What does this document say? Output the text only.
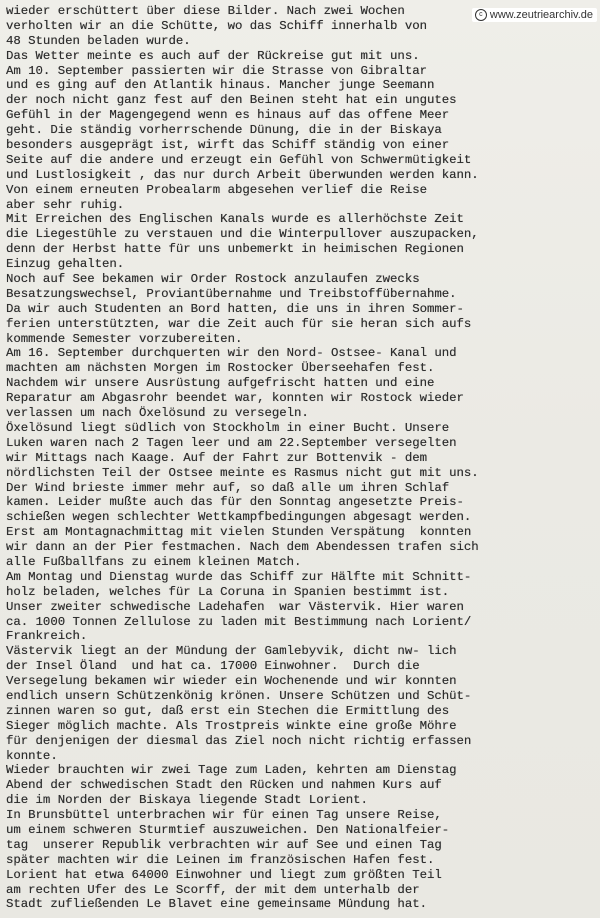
wieder erschüttert über diese Bilder. Nach zwei Wochen
verholten wir an die Schütte, wo das Schiff innerhalb von
48 Stunden beladen wurde.
Das Wetter meinte es auch auf der Rückreise gut mit uns.
Am 10. September passierten wir die Strasse von Gibraltar
und es ging auf den Atlantik hinaus. Mancher junge Seemann
der noch nicht ganz fest auf den Beinen steht hat ein ungutes
Gefühl in der Magengegend wenn es hinaus auf das offene Meer
geht. Die ständig vorherrschende Dünung, die in der Biskaya
besonders ausgeprägt ist, wirft das Schiff ständig von einer
Seite auf die andere und erzeugt ein Gefühl von Schwermütigkeit
und Lustlosigkeit , das nur durch Arbeit überwunden werden kann.
Von einem erneuten Probealarm abgesehen verlief die Reise
aber sehr ruhig.
Mit Erreichen des Englischen Kanals wurde es allerhöchste Zeit
die Liegestühle zu verstauen und die Winterpullover auszupacken,
denn der Herbst hatte für uns unbemerkt in heimischen Regionen
Einzug gehalten.
Noch auf See bekamen wir Order Rostock anzulaufen zwecks
Besatzungswechsel, Proviantübernahme und Treibstoffübernahme.
Da wir auch Studenten an Bord hatten, die uns in ihren Sommer-
ferien unterstützten, war die Zeit auch für sie heran sich aufs
kommende Semester vorzubereiten.
Am 16. September durchquerten wir den Nord- Ostsee- Kanal und
machten am nächsten Morgen im Rostocker Überseehafen fest.
Nachdem wir unsere Ausrüstung aufgefrischt hatten und eine
Reparatur am Abgasrohr beendet war, konnten wir Rostock wieder
verlassen um nach Öxelösund zu versegeln.
Öxelösund liegt südlich von Stockholm in einer Bucht. Unsere
Luken waren nach 2 Tagen leer und am 22.September versegelten
wir Mittags nach Kaage. Auf der Fahrt zur Bottenvik - dem
nördlichsten Teil der Ostsee meinte es Rasmus nicht gut mit uns.
Der Wind brieste immer mehr auf, so daß alle um ihren Schlaf
kamen. Leider mußte auch das für den Sonntag angesetzte Preis-
schießen wegen schlechter Wettkampfbedingungen abgesagt werden.
Erst am Montagnachmittag mit vielen Stunden Verspätung  konnten
wir dann an der Pier festmachen. Nach dem Abendessen trafen sich
alle Fußballfans zu einem kleinen Match.
Am Montag und Dienstag wurde das Schiff zur Hälfte mit Schnitt-
holz beladen, welches für La Coruna in Spanien bestimmt ist.
Unser zweiter schwedische Ladehafen  war Västervik. Hier waren
ca. 1000 Tonnen Zellulose zu laden mit Bestimmung nach Lorient/
Frankreich.
Västervik liegt an der Mündung der Gamlebyvik, dicht nw- lich
der Insel Öland  und hat ca. 17000 Einwohner.  Durch die
Versegelung bekamen wir wieder ein Wochenende und wir konnten
endlich unsern Schützenkönig krönen. Unsere Schützen und Schüt-
zinnen waren so gut, daß erst ein Stechen die Ermittlung des
Sieger möglich machte. Als Trostpreis winkte eine große Möhre
für denjenigen der diesmal das Ziel noch nicht richtig erfassen
konnte.
Wieder brauchten wir zwei Tage zum Laden, kehrten am Dienstag
Abend der schwedischen Stadt den Rücken und nahmen Kurs auf
die im Norden der Biskaya liegende Stadt Lorient.
In Brunsbüttel unterbrachen wir für einen Tag unsere Reise,
um einem schweren Sturmtief auszuweichen. Den Nationalfeier-
tag  unserer Republik verbrachten wir auf See und einen Tag
später machten wir die Leinen im französischen Hafen fest.
Lorient hat etwa 64000 Einwohner und liegt zum größten Teil
am rechten Ufer des Le Scorff, der mit dem unterhalb der
Stadt zufließenden Le Blavet eine gemeinsame Mündung hat.
c www.zeutriearchiv.de
